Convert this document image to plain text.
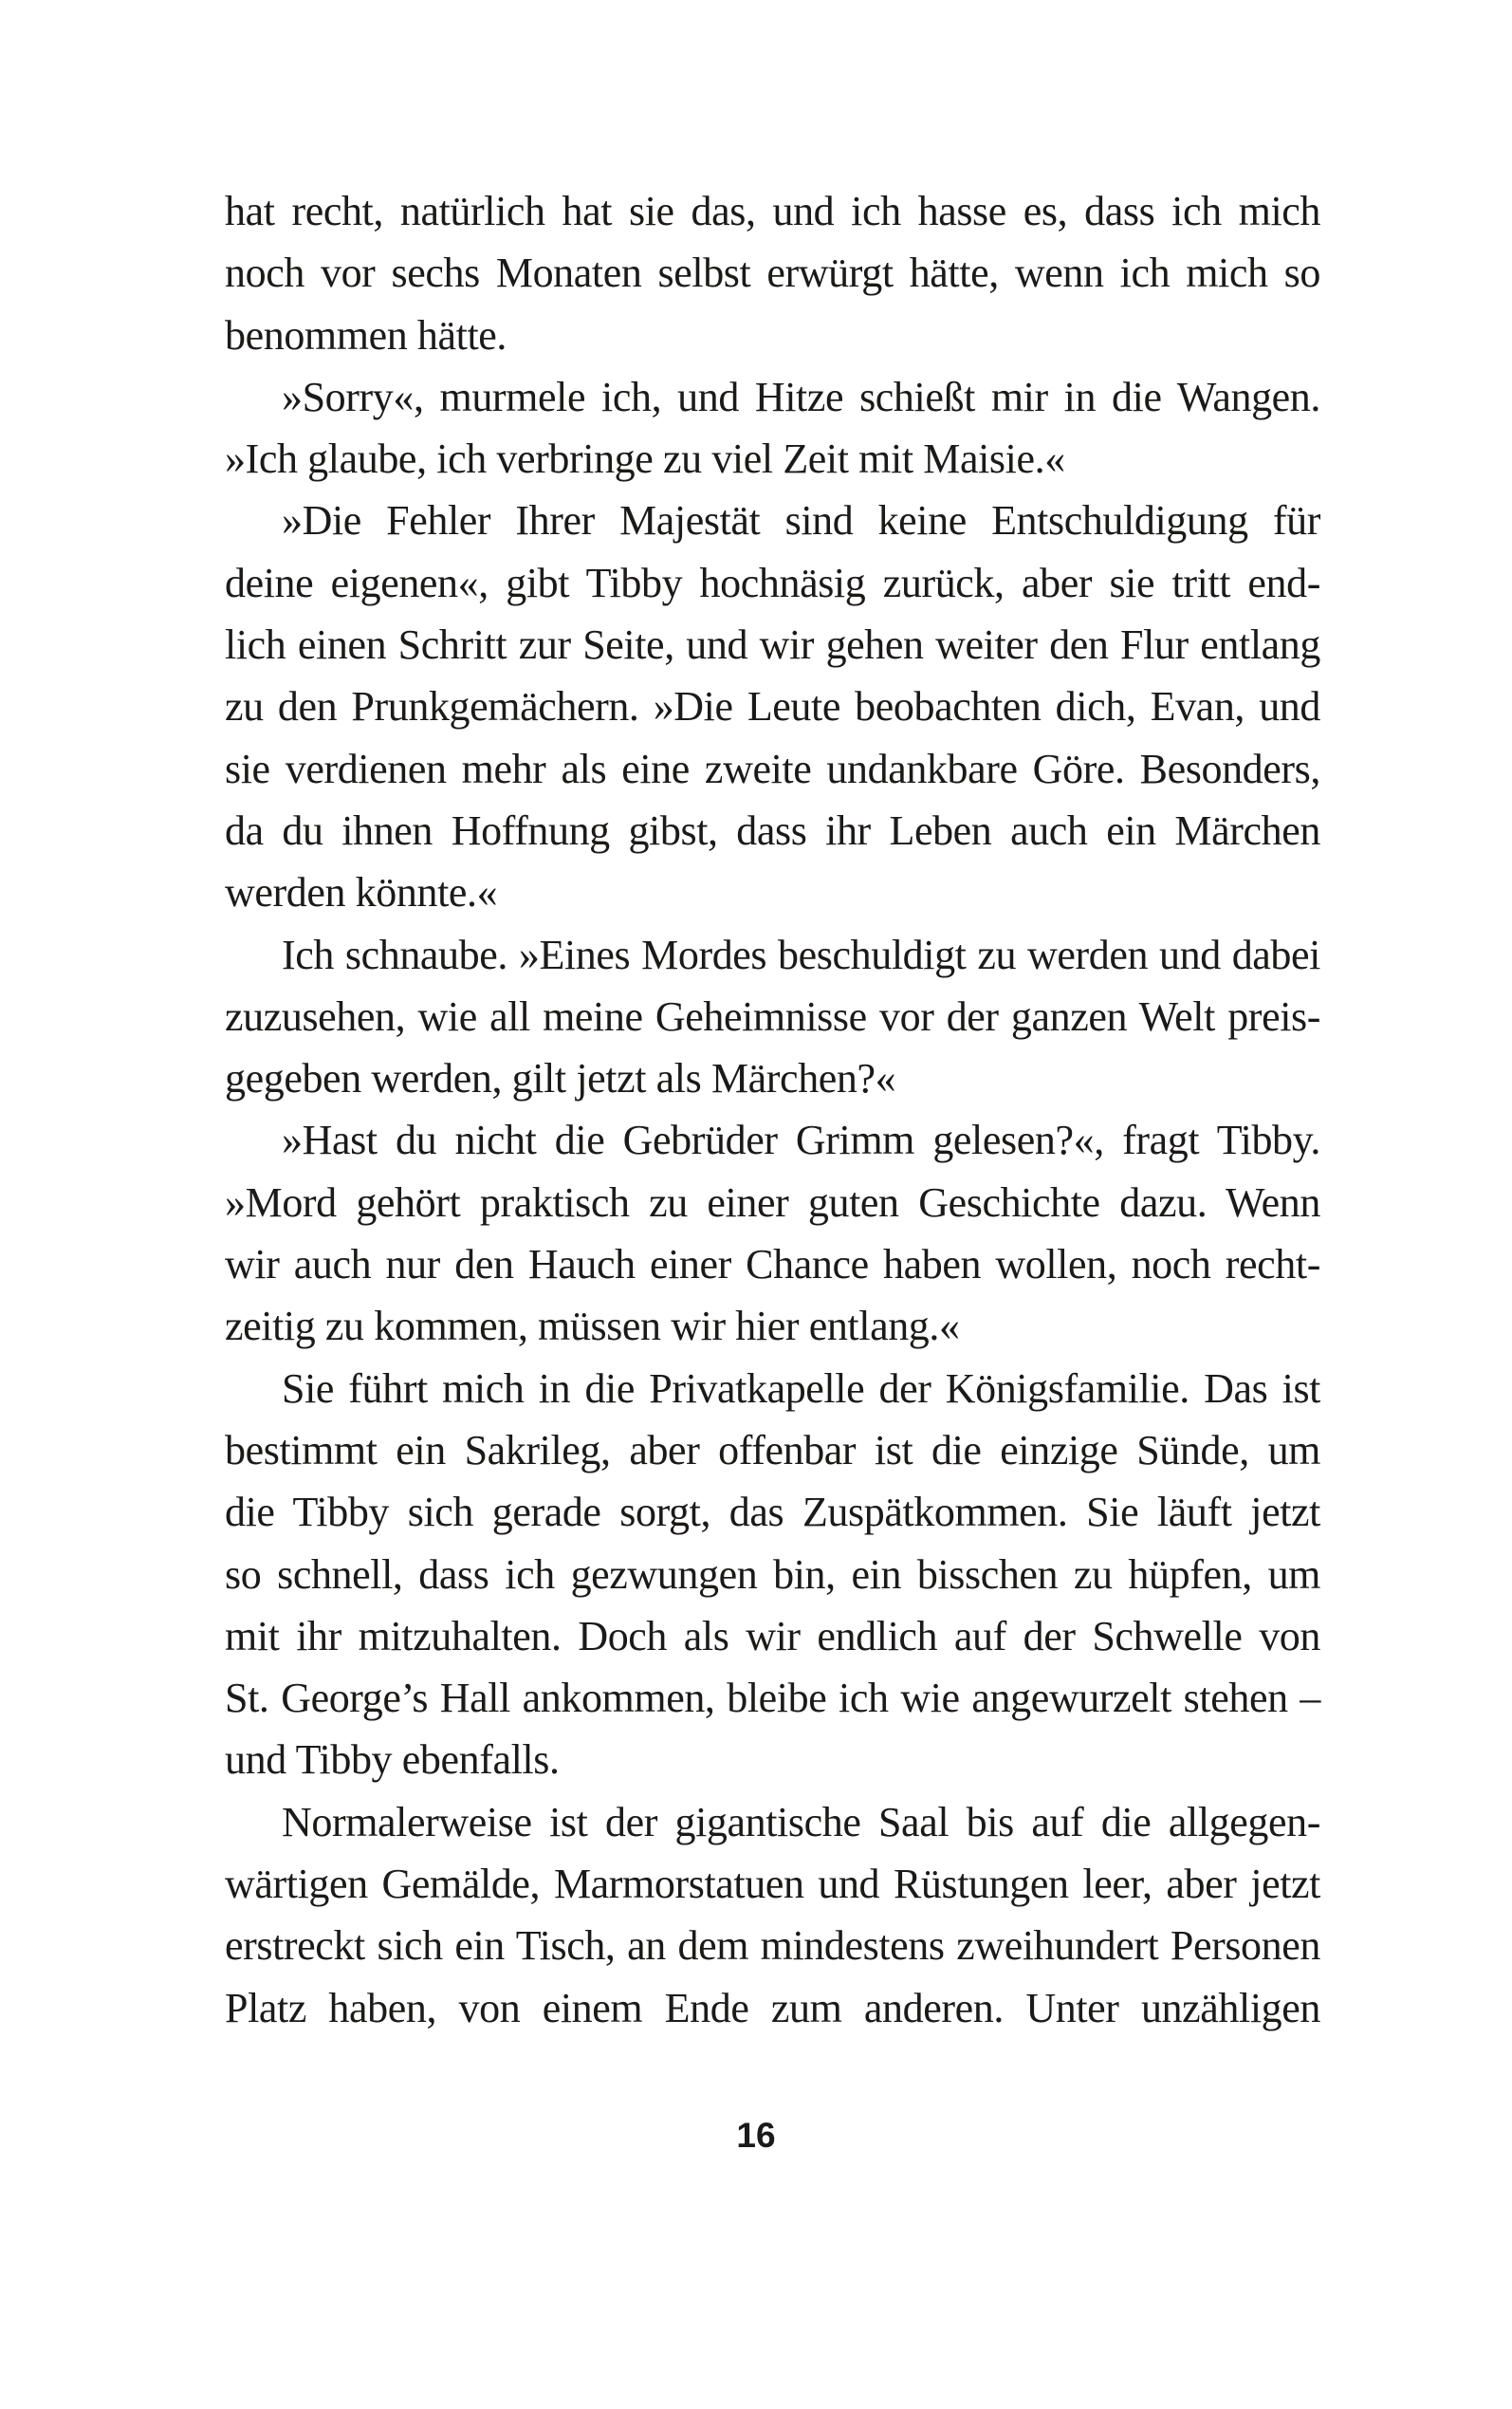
hat recht, natürlich hat sie das, und ich hasse es, dass ich mich
noch vor sechs Monaten selbst erwürgt hätte, wenn ich mich so
benommen hätte.
»Sorry«, murmele ich, und Hitze schießt mir in die Wangen.
»Ich glaube, ich verbringe zu viel Zeit mit Maisie.«
»Die Fehler Ihrer Majestät sind keine Entschuldigung für
deine eigenen«, gibt Tibby hochnäsig zurück, aber sie tritt end-
lich einen Schritt zur Seite, und wir gehen weiter den Flur entlang
zu den Prunkgemächern. »Die Leute beobachten dich, Evan, und
sie verdienen mehr als eine zweite undankbare Göre. Besonders,
da du ihnen Hoffnung gibst, dass ihr Leben auch ein Märchen
werden könnte.«
Ich schnaube. »Eines Mordes beschuldigt zu werden und dabei
zuzusehen, wie all meine Geheimnisse vor der ganzen Welt preis-
gegeben werden, gilt jetzt als Märchen?«
»Hast du nicht die Gebrüder Grimm gelesen?«, fragt Tibby.
»Mord gehört praktisch zu einer guten Geschichte dazu. Wenn
wir auch nur den Hauch einer Chance haben wollen, noch recht-
zeitig zu kommen, müssen wir hier entlang.«
Sie führt mich in die Privatkapelle der Königsfamilie. Das ist
bestimmt ein Sakrileg, aber offenbar ist die einzige Sünde, um
die Tibby sich gerade sorgt, das Zuspätkommen. Sie läuft jetzt
so schnell, dass ich gezwungen bin, ein bisschen zu hüpfen, um
mit ihr mitzuhalten. Doch als wir endlich auf der Schwelle von
St. George’s Hall ankommen, bleibe ich wie angewurzelt stehen –
und Tibby ebenfalls.
Normalerweise ist der gigantische Saal bis auf die allgegen-
wärtigen Gemälde, Marmorstatuen und Rüstungen leer, aber jetzt
erstreckt sich ein Tisch, an dem mindestens zweihundert Personen
Platz haben, von einem Ende zum anderen. Unter unzähligen
16
